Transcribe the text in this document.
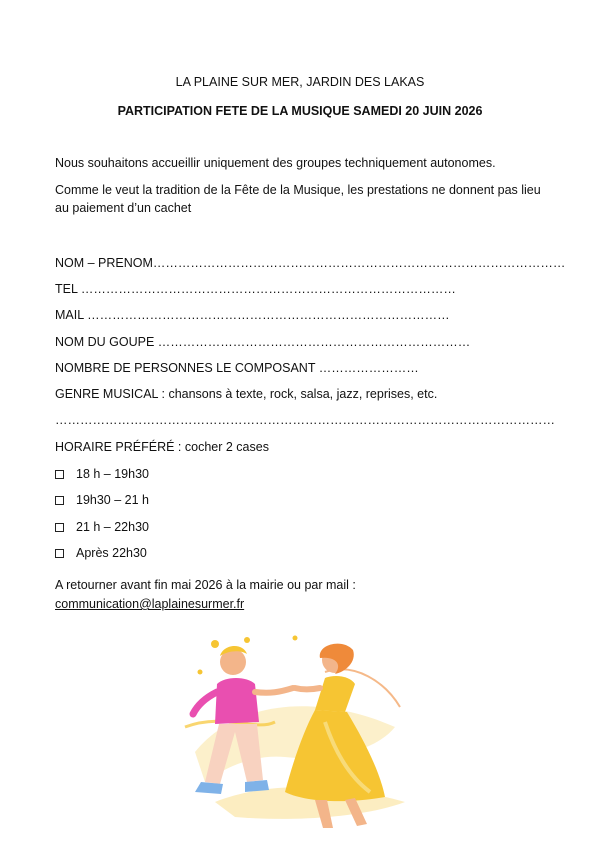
LA PLAINE SUR MER, JARDIN DES LAKAS
PARTICIPATION FETE DE LA MUSIQUE SAMEDI 20 JUIN 2026
Nous souhaitons accueillir uniquement des groupes techniquement autonomes.
Comme le veut la tradition de la Fête de la Musique, les prestations ne donnent pas lieu
au paiement d’un cachet
NOM – PRENOM………………………………………………………………………………………
TEL ………………………………………………………………………………
MAIL ……………………………………………………………………………
NOM DU GOUPE …………………………………………………………………
NOMBRE DE PERSONNES LE COMPOSANT ……………………
GENRE MUSICAL : chansons à texte, rock, salsa, jazz, reprises, etc.
…………………………………………………………………………………………………………
HORAIRE PRÉFÉRÉ : cocher 2 cases
18 h – 19h30
19h30 – 21 h
21 h – 22h30
Après 22h30
A retourner avant fin mai 2026 à la mairie ou par mail :
communication@laplainesurmer.fr
